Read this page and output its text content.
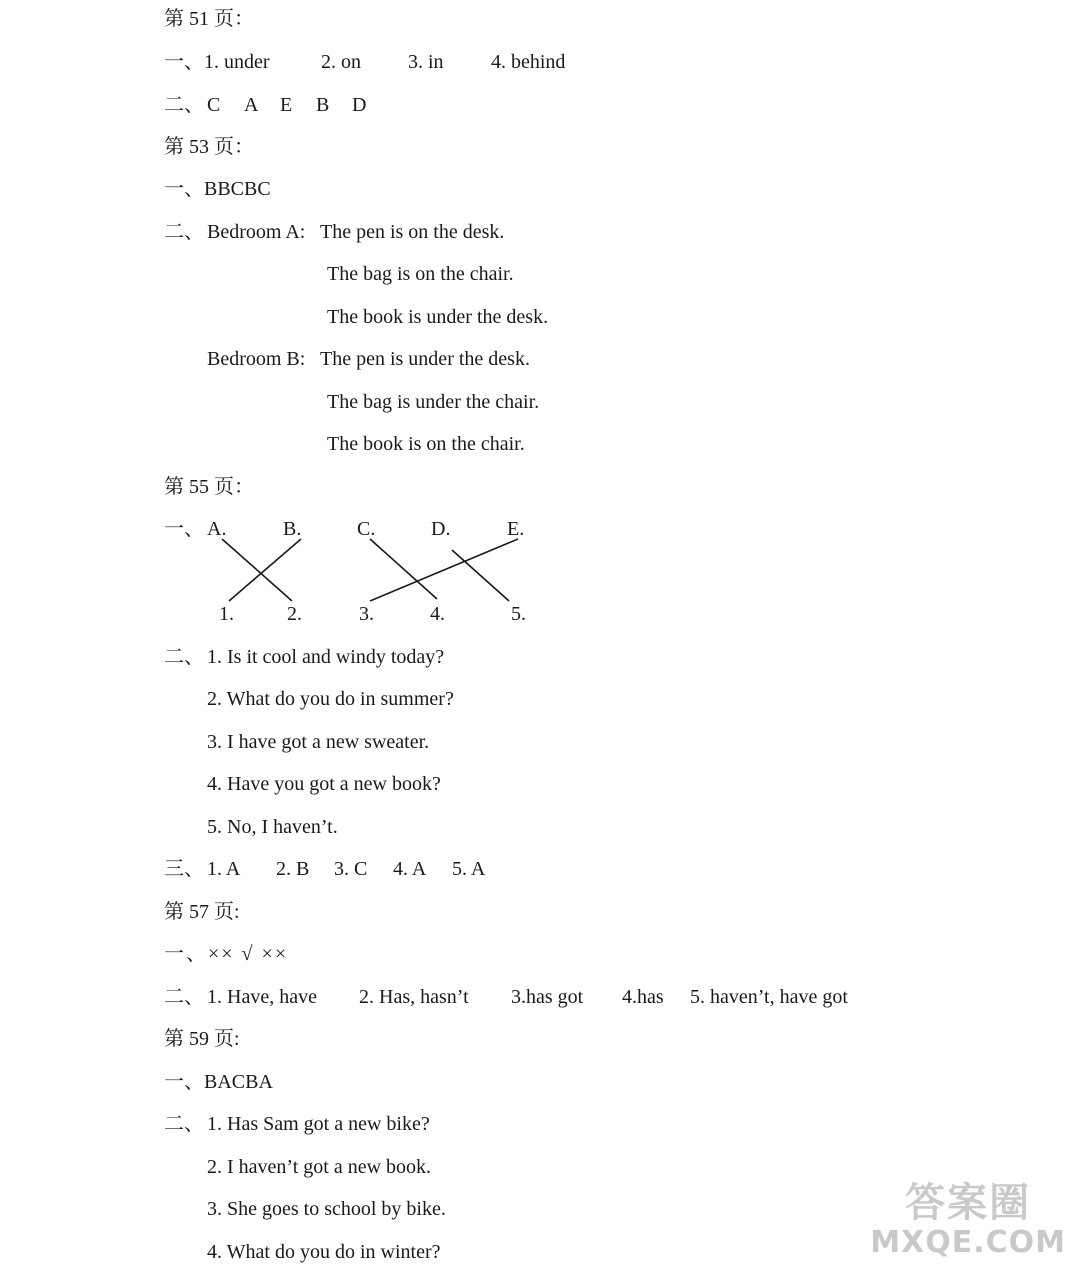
第 51 页：
一、1. under	2. on 3. in 4. behind
二、 C A E B D
第 53 页：
一、BBCBC
二、 Bedroom A: The pen is on the desk.
The bag is on the chair.
The book is under the desk.
Bedroom B: The pen is under the desk.
The bag is under the chair.
The book is on the chair.
第 55 页：
一、 A.	B.	C.	D.	E.
1.	2.	3.	4.	5.
二、 1. Is it cool and windy today?
2. What do you do in summer?
3. I have got a new sweater.
4. Have you got a new book?
5. No, I haven’t.
三、 1. A 2. B 3. C 4. A 5. A
第 57 页:
一、×× √ ××
二、 1. Have, have 2. Has, hasn’t 3.has got 4.has 5. haven’t, have got
第 59 页:
一、BACBA
二、 1. Has Sam got a new bike?
2. I haven’t got a new book.
3. She goes to school by bike.
4. What do you do in winter?
答案圈
MXQE.COM
